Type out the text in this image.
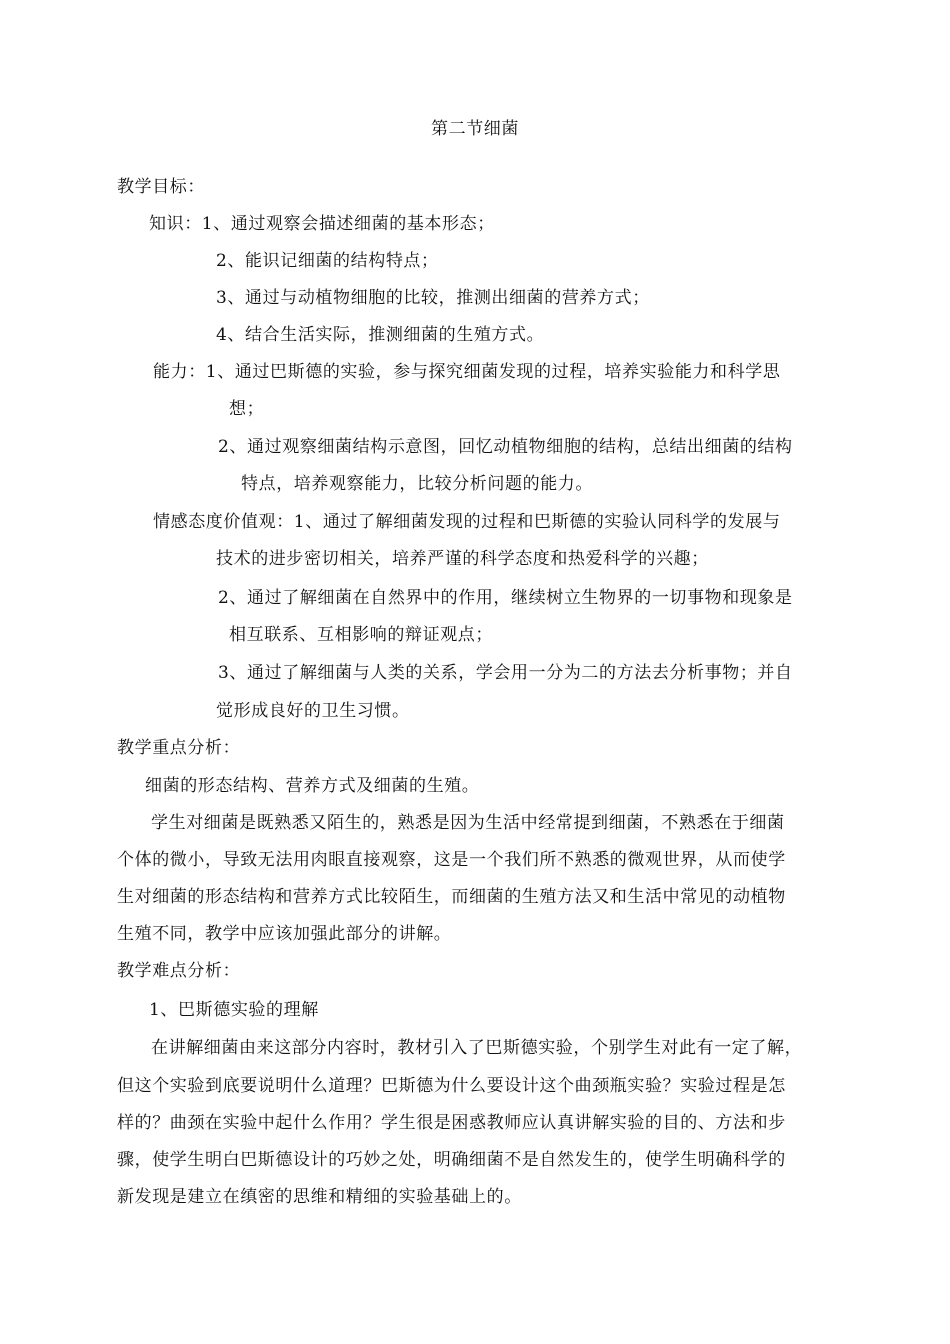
第二节细菌
教学目标：
知识：1、通过观察会描述细菌的基本形态；
2、能识记细菌的结构特点；
3、通过与动植物细胞的比较，推测出细菌的营养方式；
4、结合生活实际，推测细菌的生殖方式。
能力：1、通过巴斯德的实验，参与探究细菌发现的过程，培养实验能力和科学思
想；
2、通过观察细菌结构示意图，回忆动植物细胞的结构，总结出细菌的结构
特点，培养观察能力，比较分析问题的能力。
情感态度价值观：1、通过了解细菌发现的过程和巴斯德的实验认同科学的发展与
技术的进步密切相关，培养严谨的科学态度和热爱科学的兴趣；
2、通过了解细菌在自然界中的作用，继续树立生物界的一切事物和现象是
相互联系、互相影响的辩证观点；
3、通过了解细菌与人类的关系，学会用一分为二的方法去分析事物；并自
觉形成良好的卫生习惯。
教学重点分析：
细菌的形态结构、营养方式及细菌的生殖。
学生对细菌是既熟悉又陌生的，熟悉是因为生活中经常提到细菌，不熟悉在于细菌
个体的微小，导致无法用肉眼直接观察，这是一个我们所不熟悉的微观世界，从而使学
生对细菌的形态结构和营养方式比较陌生，而细菌的生殖方法又和生活中常见的动植物
生殖不同，教学中应该加强此部分的讲解。
教学难点分析：
1、巴斯德实验的理解
在讲解细菌由来这部分内容时，教材引入了巴斯德实验，个别学生对此有一定了解，
但这个实验到底要说明什么道理？巴斯德为什么要设计这个曲颈瓶实验？实验过程是怎
样的？曲颈在实验中起什么作用？学生很是困惑教师应认真讲解实验的目的、方法和步
骤，使学生明白巴斯德设计的巧妙之处，明确细菌不是自然发生的，使学生明确科学的
新发现是建立在缜密的思维和精细的实验基础上的。
